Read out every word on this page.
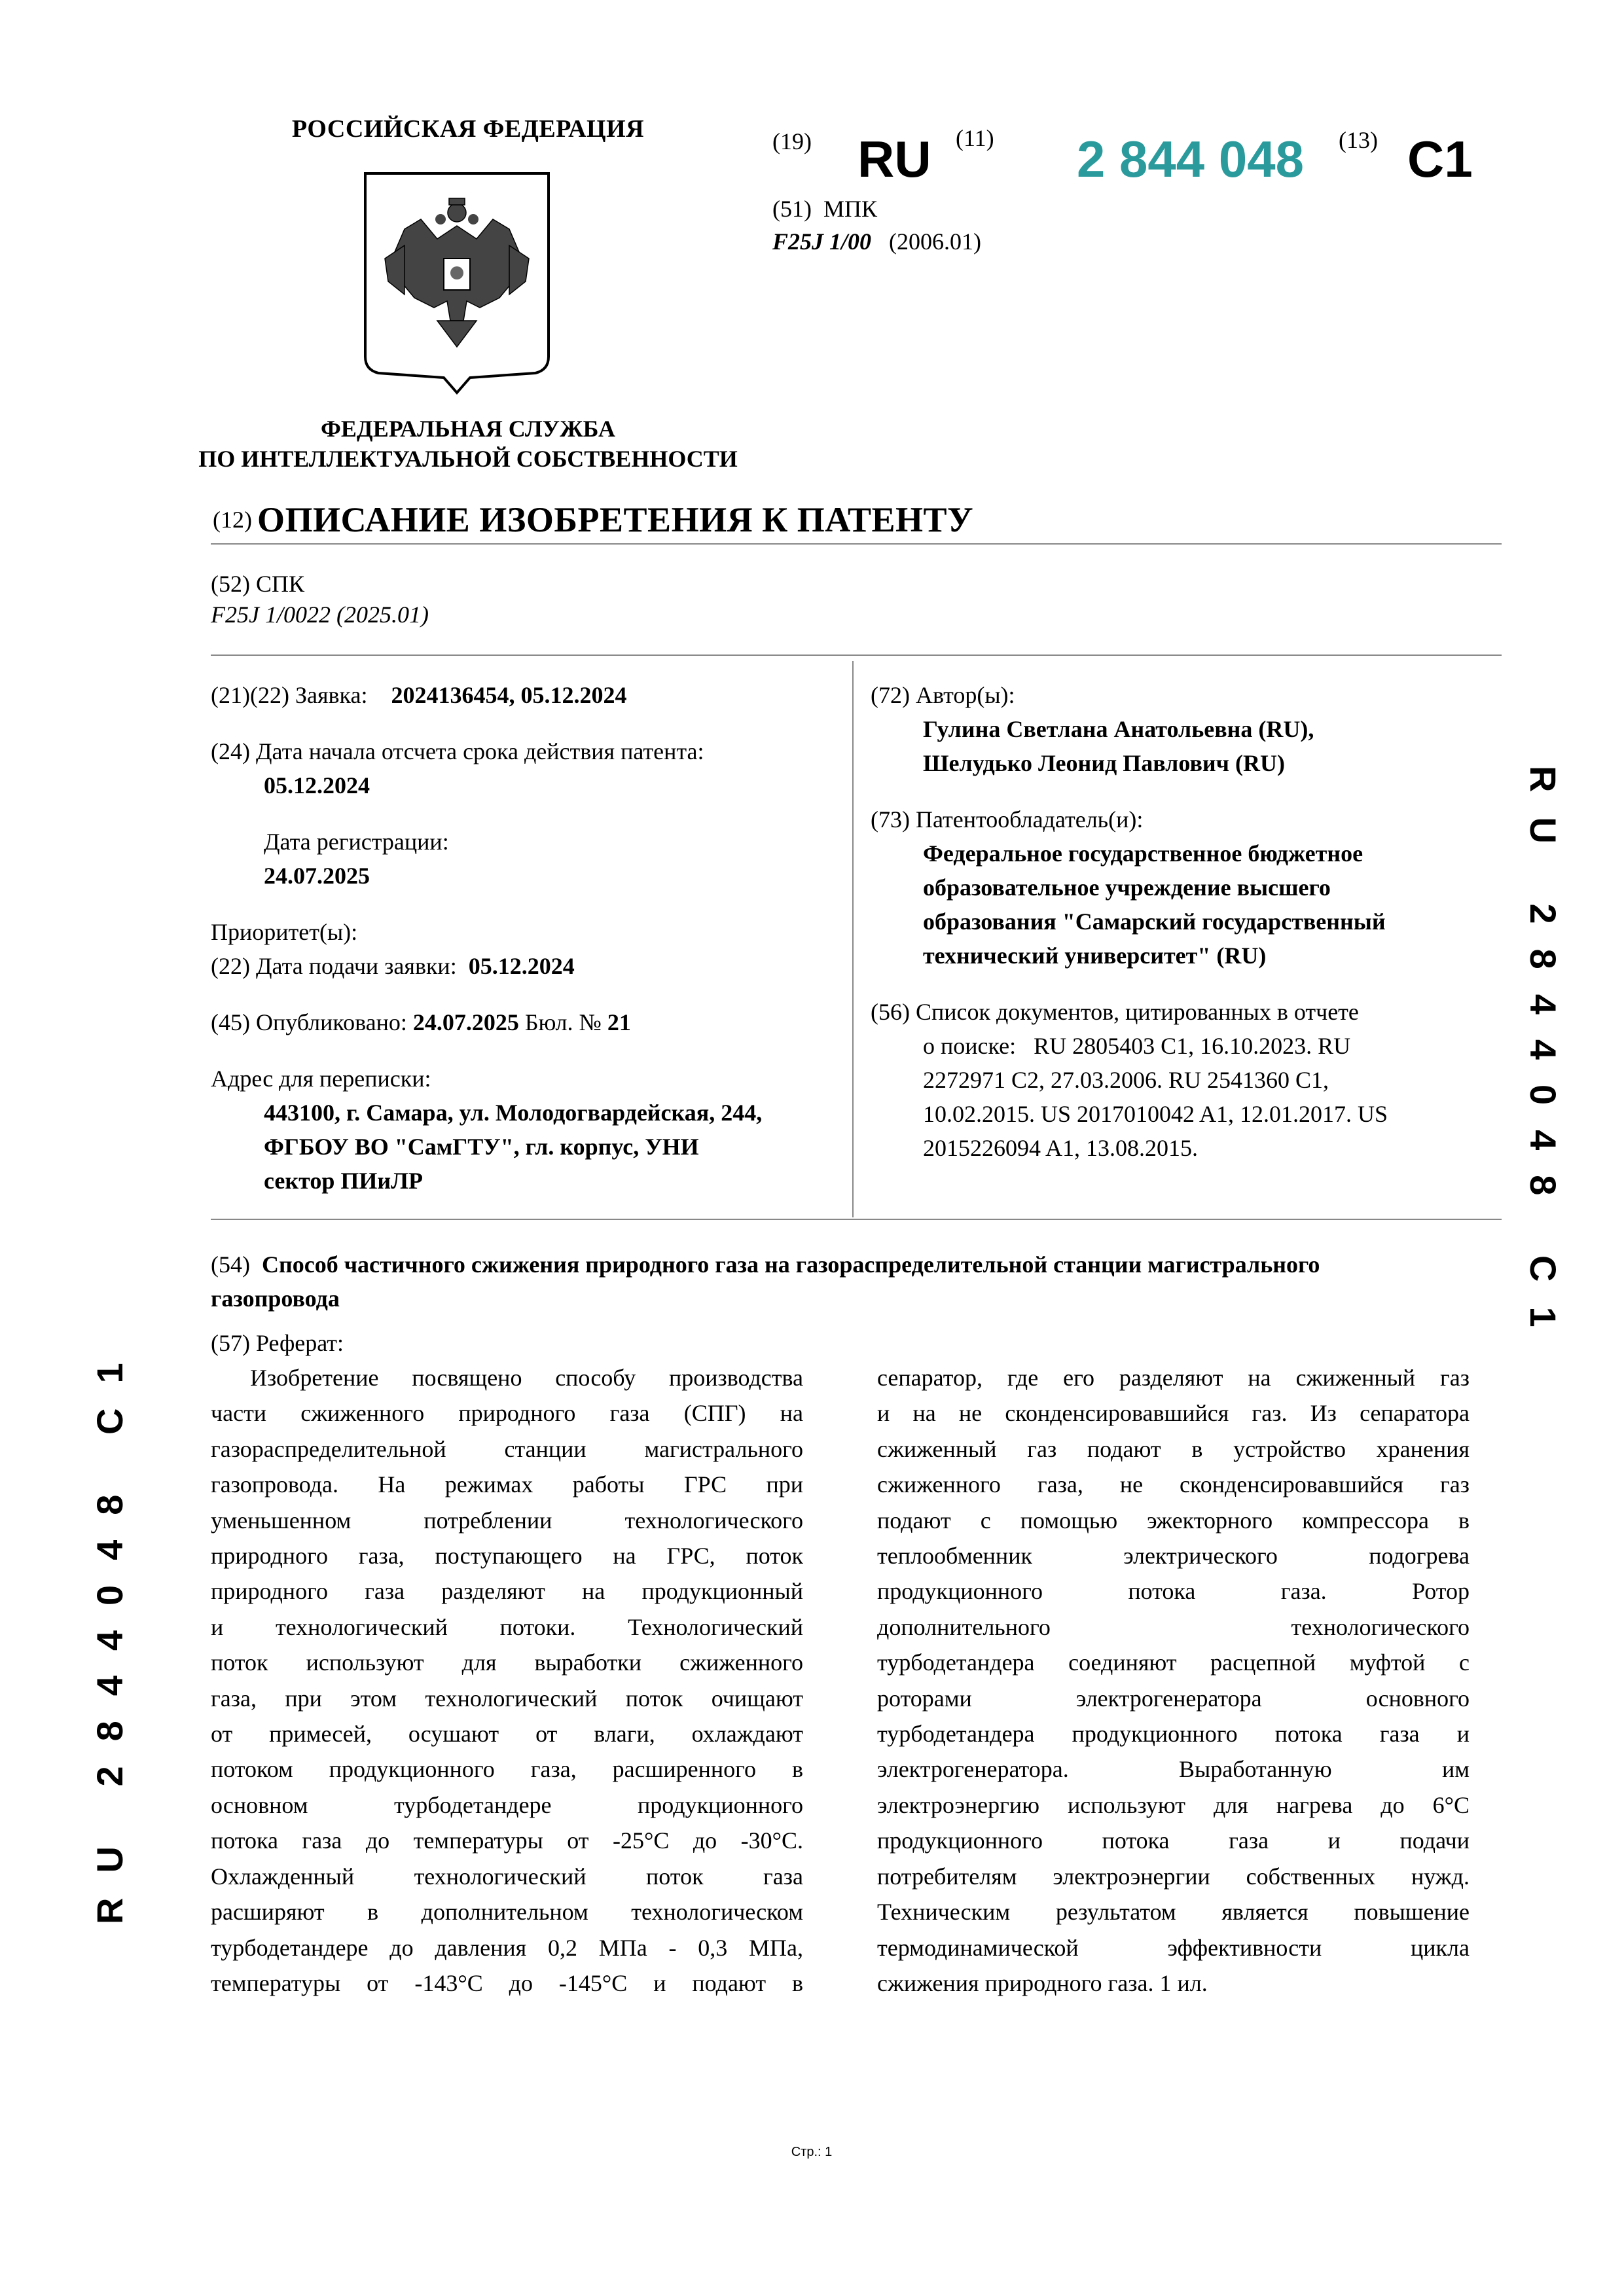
РОССИЙСКАЯ ФЕДЕРАЦИЯ
ФЕДЕРАЛЬНАЯ СЛУЖБА
ПО ИНТЕЛЛЕКТУАЛЬНОЙ СОБСТВЕННОСТИ
(19) RU (11) 2 844 048 (13) C1
(51) МПК
F25J 1/00 (2006.01)
(12) ОПИСАНИЕ ИЗОБРЕТЕНИЯ К ПАТЕНТУ
(52) СПК
F25J 1/0022 (2025.01)
(21)(22) Заявка: 2024136454, 05.12.2024
(24) Дата начала отсчета срока действия патента:
05.12.2024
Дата регистрации:
24.07.2025
Приоритет(ы):
(22) Дата подачи заявки: 05.12.2024
(45) Опубликовано: 24.07.2025 Бюл. № 21
Адрес для переписки:
443100, г. Самара, ул. Молодогвардейская, 244,
ФГБОУ ВО "СамГТУ", гл. корпус, УНИ
сектор ПИиЛР
(72) Автор(ы):
Гулина Светлана Анатольевна (RU),
Шелудько Леонид Павлович (RU)
(73) Патентообладатель(и):
Федеральное государственное бюджетное
образовательное учреждение высшего
образования "Самарский государственный
технический университет" (RU)
(56) Список документов, цитированных в отчете
о поиске: RU 2805403 C1, 16.10.2023. RU
2272971 C2, 27.03.2006. RU 2541360 C1,
10.02.2015. US 2017010042 A1, 12.01.2017. US
2015226094 A1, 13.08.2015.
(54) Способ частичного сжижения природного газа на газораспределительной станции магистрального
газопровода
(57) Реферат:
Изобретение посвящено способу производства
части сжиженного природного газа (СПГ) на
газораспределительной станции магистрального
газопровода. На режимах работы ГРС при
уменьшенном потреблении технологического
природного газа, поступающего на ГРС, поток
природного газа разделяют на продукционный
и технологический потоки. Технологический
поток используют для выработки сжиженного
газа, при этом технологический поток очищают
от примесей, осушают от влаги, охлаждают
потоком продукционного газа, расширенного в
основном турбодетандере продукционного
потока газа до температуры от -25°С до -30°С.
Охлажденный технологический поток газа
расширяют в дополнительном технологическом
турбодетандере до давления 0,2 МПа - 0,3 МПа,
температуры от -143°С до -145°С и подают в
сепаратор, где его разделяют на сжиженный газ
и на не сконденсировавшийся газ. Из сепаратора
сжиженный газ подают в устройство хранения
сжиженного газа, не сконденсировавшийся газ
подают с помощью эжекторного компрессора в
теплообменник электрического подогрева
продукционного потока газа. Ротор
дополнительного технологического
турбодетандера соединяют расцепной муфтой с
роторами электрогенератора основного
турбодетандера продукционного потока газа и
электрогенератора. Выработанную им
электроэнергию используют для нагрева до 6°С
продукционного потока газа и подачи
потребителям электроэнергии собственных нужд.
Техническим результатом является повышение
термодинамической эффективности цикла
сжижения природного газа. 1 ил.
RU 2844048 C1
RU 2844048 C1
Стр.: 1
